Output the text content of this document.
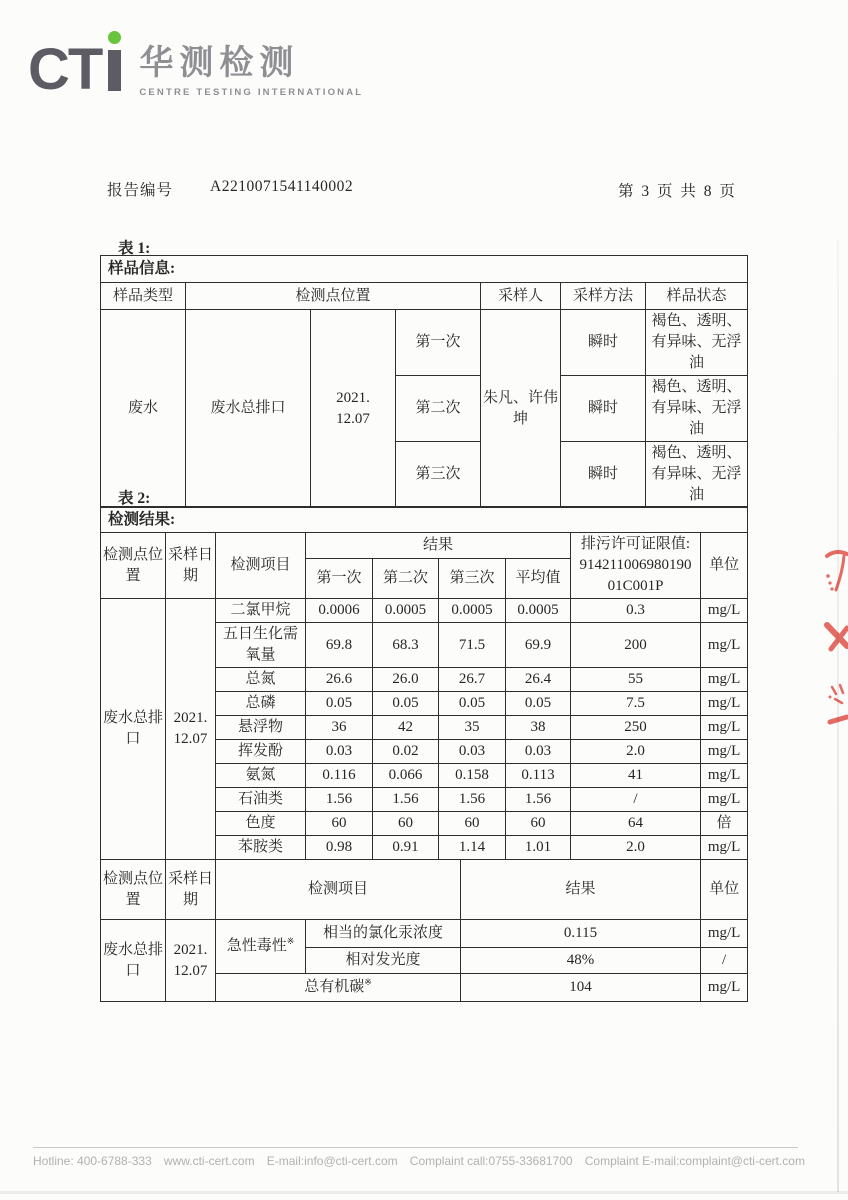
CT 华测检测
CENTRE TESTING INTERNATIONAL
报告编号 A2210071541140002	第 3 页 共 8 页
表 1:
样品信息:						
样品类型	检测点位置			采样人	采样方法	样品状态
废水	废水总排口	2021.
12.07	第一次	朱凡、许伟坤	瞬时	褐色、透明、有异味、无浮油
			第二次		瞬时	褐色、透明、有异味、无浮油
			第三次		瞬时	褐色、透明、有异味、无浮油
表 2:
检测结果:									
检测点位置	采样日期	检测项目	结果					排污许可证限值:
914211006980190
01C001P	单位
			第一次	第二次	第三次		平均值		
废水总排口	2021.
12.07	二氯甲烷	0.0006	0.0005	0.0005		0.0005	0.3	mg/L
		五日生化需氧量	69.8	68.3	71.5		69.9	200	mg/L
		总氮	26.6	26.0	26.7		26.4	55	mg/L
		总磷	0.05	0.05	0.05		0.05	7.5	mg/L
		悬浮物	36	42	35		38	250	mg/L
		挥发酚	0.03	0.02	0.03		0.03	2.0	mg/L
		氨氮	0.116	0.066	0.158		0.113	41	mg/L
		石油类	1.56	1.56	1.56		1.56	/	mg/L
		色度	60	60	60		60	64	倍
		苯胺类	0.98	0.91	1.14		1.01	2.0	mg/L
检测点位置	采样日期	检测项目				结果			单位
废水总排口	2021.
12.07	急性毒性※	相当的氯化汞浓度			0.115			mg/L
			相对发光度			48%			/
		总有机碳※				104			mg/L
Hotline: 400-6788-333 www.cti-cert.com E-mail:info@cti-cert.com Complaint call:0755-33681700 Complaint E-mail:complaint@cti-cert.com
